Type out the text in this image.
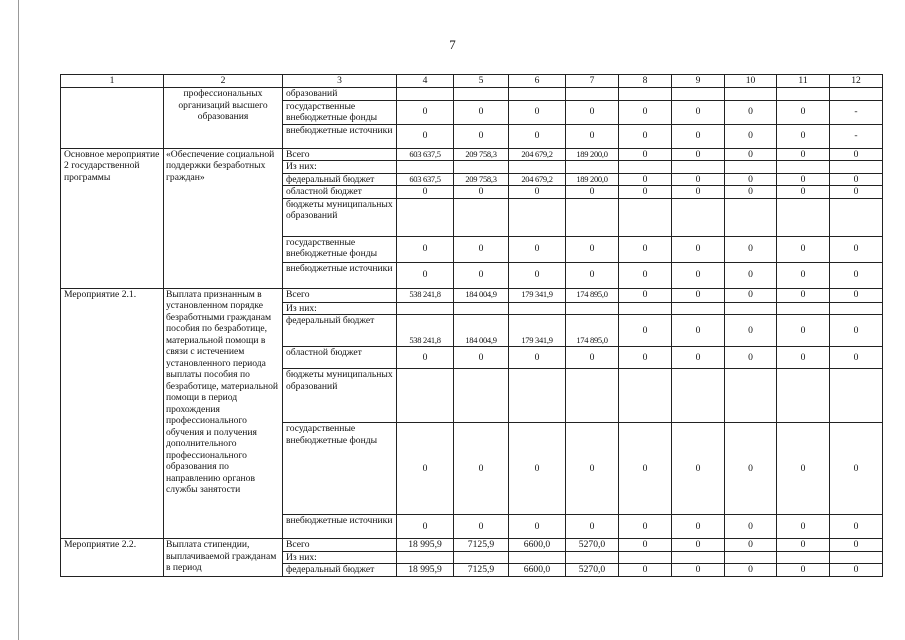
7
1	2	3	4	5	6	7	8	9	10	11	12
	профессиональных организаций высшего образования	образований									
		государственные внебюджетные фонды	0	0	0	0	0	0	0	0	-
		внебюджетные источники	0	0	0	0	0	0	0	0	-
Основное мероприятие 2 государственной программы	«Обеспечение социальной поддержки безработных граждан»	Всего	603 637,5	209 758,3	204 679,2	189 200,0	0	0	0	0	0
		Из них:									
		федеральный бюджет	603 637,5	209 758,3	204 679,2	189 200,0	0	0	0	0	0
		областной бюджет	0	0	0	0	0	0	0	0	0
		бюджеты муниципальных образований									
		государственные внебюджетные фонды	0	0	0	0	0	0	0	0	0
		внебюджетные источники	0	0	0	0	0	0	0	0	0
Мероприятие 2.1.	Выплата признанным в установленном порядке безработными гражданам пособия по безработице, материальной помощи в связи с истечением установленного периода выплаты пособия по безработице, материальной помощи в период прохождения профессионального обучения и получения дополнительного профессионального образования по направлению органов службы занятости	Всего	538 241,8	184 004,9	179 341,9	174 895,0	0	0	0	0	0
		Из них:									
		федеральный бюджет	538 241,8	184 004,9	179 341,9	174 895,0	0	0	0	0	0
		областной бюджет	0	0	0	0	0	0	0	0	0
		бюджеты муниципальных образований									
		государственные внебюджетные фонды	0	0	0	0	0	0	0	0	0
		внебюджетные источники	0	0	0	0	0	0	0	0	0
Мероприятие 2.2.	Выплата стипендии, выплачиваемой гражданам в период	Всего	18 995,9	7125,9	6600,0	5270,0	0	0	0	0	0
		Из них:									
		федеральный бюджет	18 995,9	7125,9	6600,0	5270,0	0	0	0	0	0
